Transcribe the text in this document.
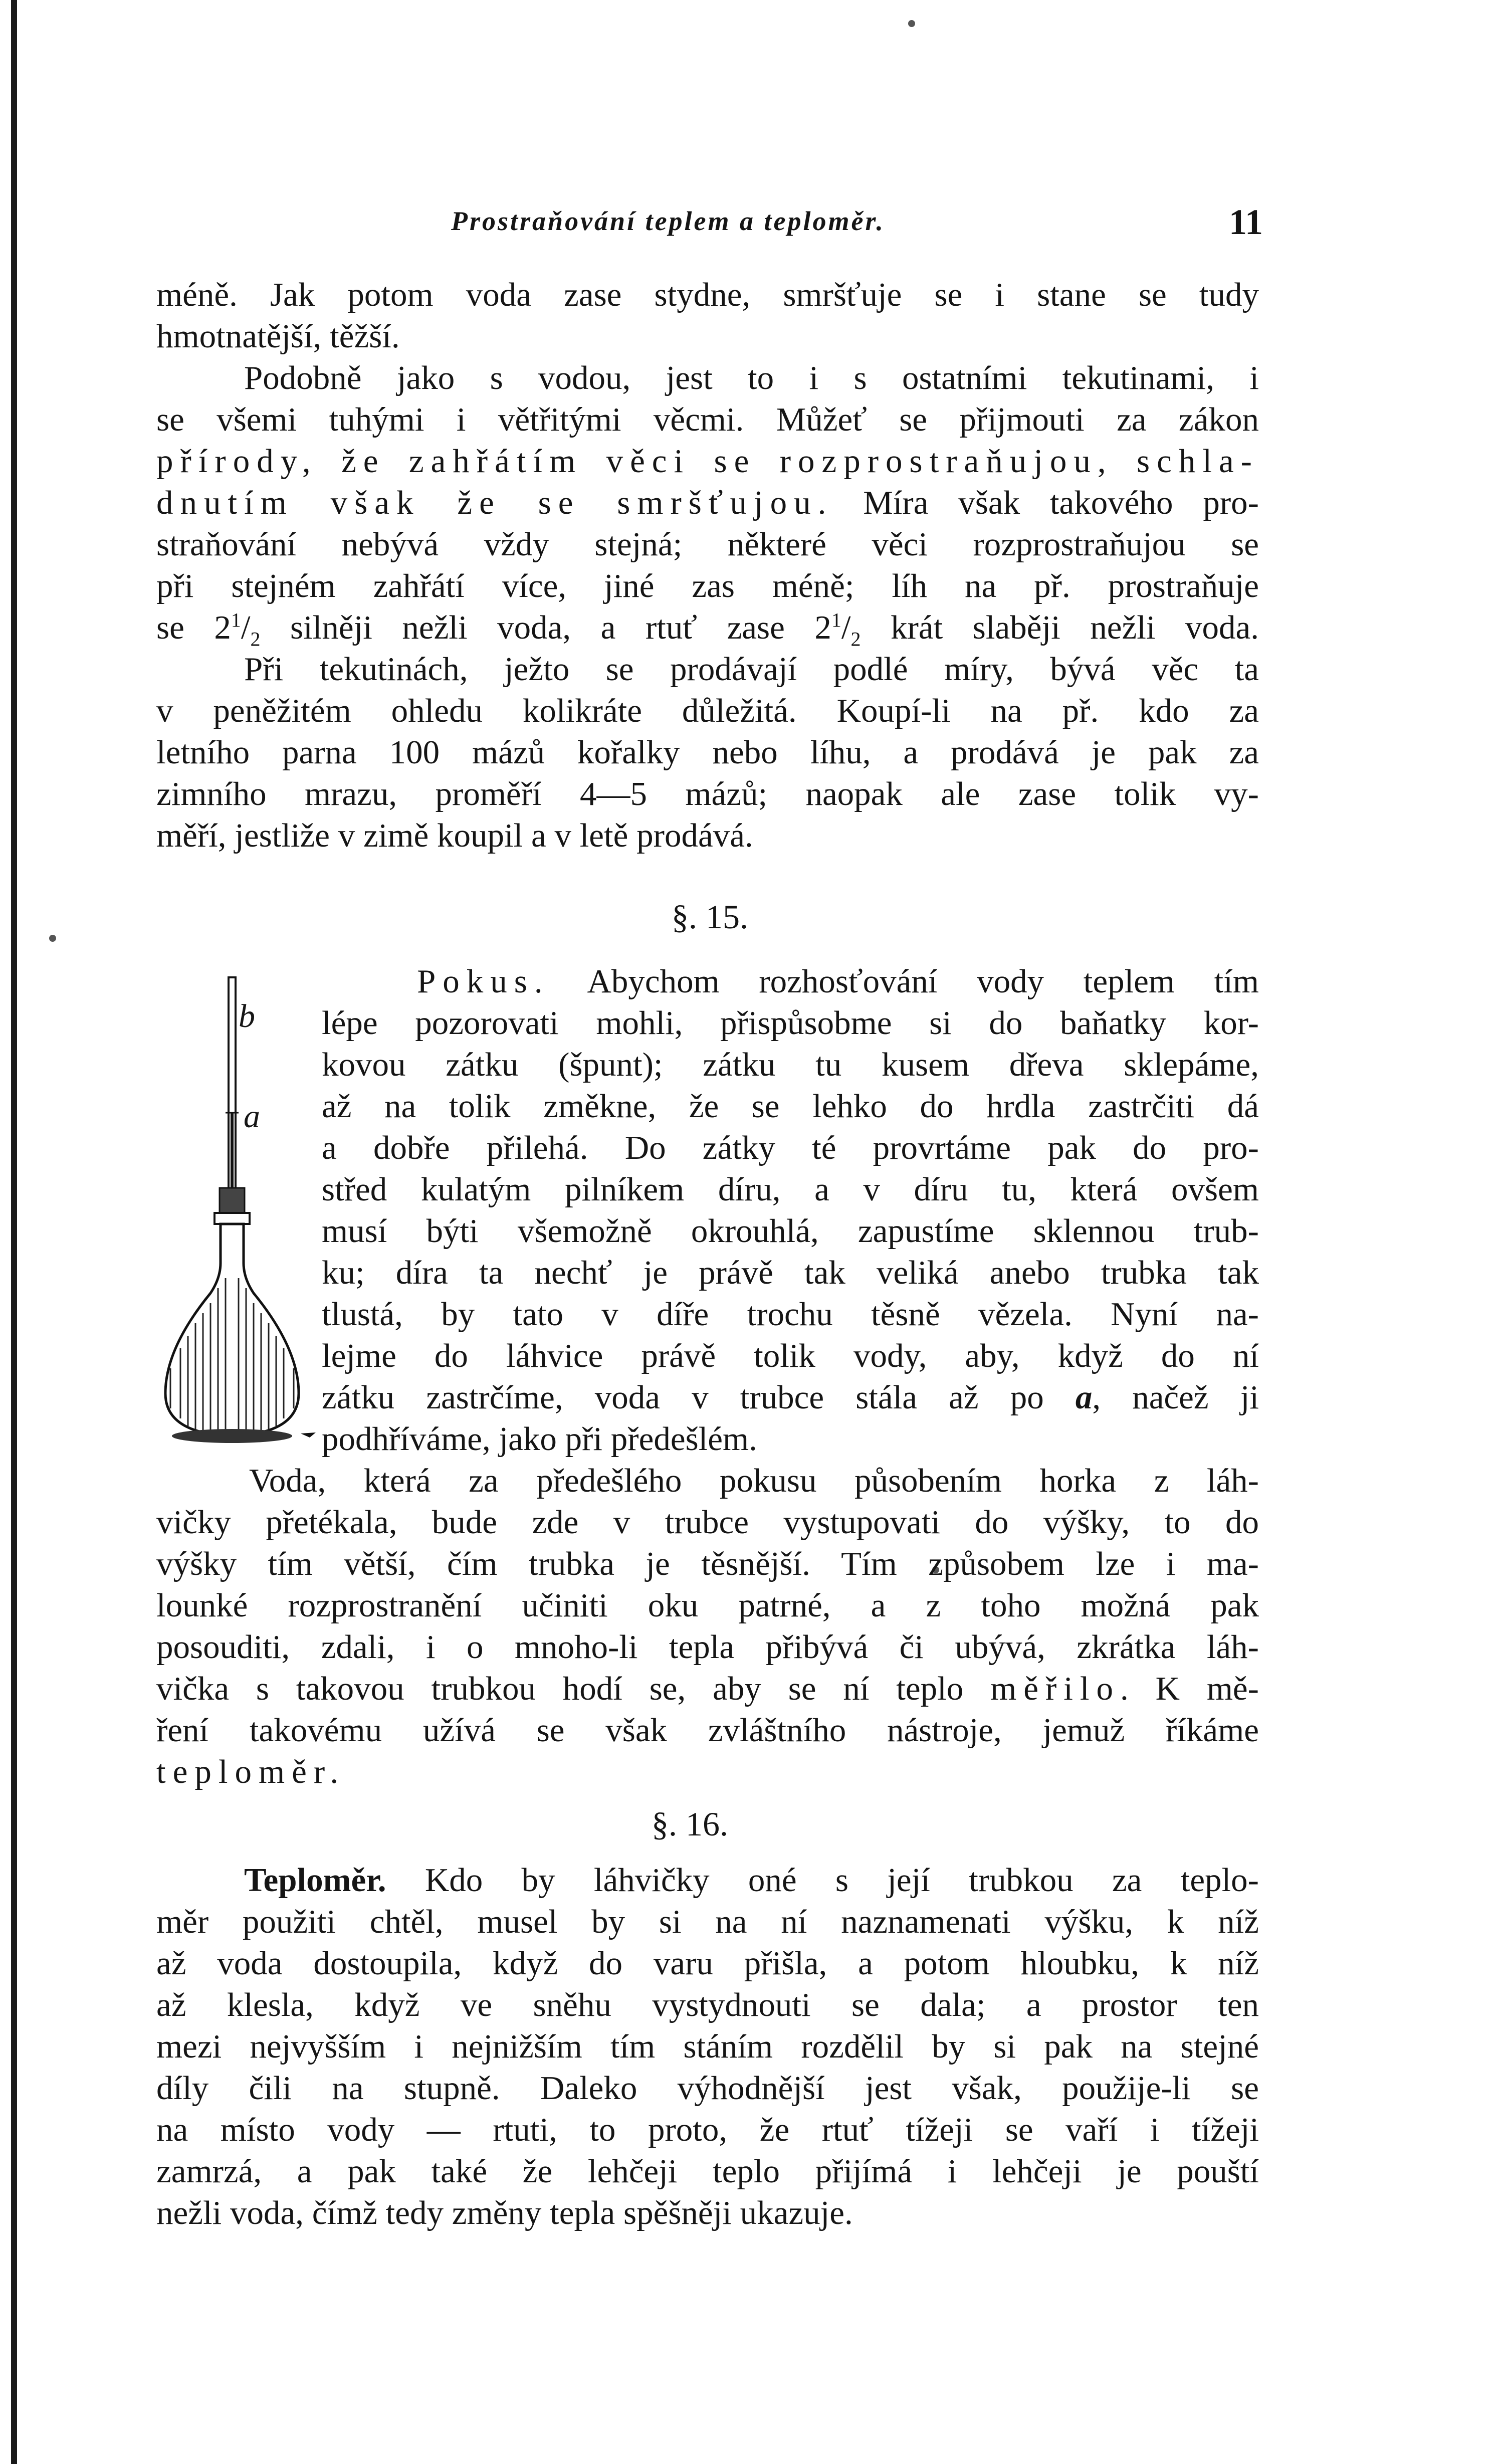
Prostraňování teplem a teploměr.	11
méně. Jak potom voda zase stydne, smršťuje se i stane se tudy
hmotnatější, těžší.
Podobně jako s vodou, jest to i s ostatními tekutinami, i
se všemi tuhými i větřitými věcmi. Můžeť se přijmouti za zákon
přírody, že zahřátím věci se rozprostraňujou, schla-
dnutím však že se smršťujou. Míra však takového pro-
straňování nebývá vždy stejná; některé věci rozprostraňujou se
při stejném zahřátí více, jiné zas méně; líh na př. prostraňuje
se $2^1/_2$ silněji nežli voda, a rtuť zase $2^1/_2$ krát slaběji nežli voda.
Při tekutinách, ježto se prodávají podlé míry, bývá věc ta
v peněžitém ohledu kolikráte důležitá. Koupí-li na př. kdo za
letního parna 100 mázů kořalky nebo líhu, a prodává je pak za
zimního mrazu, proměří 4—5 mázů; naopak ale zase tolik vy-
měří, jestliže v zimě koupil a v letě prodává.
§. 15.
Pokus. Abychom rozhosťování vody teplem tím
lépe pozorovati mohli, přispůsobme si do baňatky kor-
kovou zátku (špunt); zátku tu kusem dřeva sklepáme,
až na tolik změkne, že se lehko do hrdla zastrčiti dá
a dobře přilehá. Do zátky té provrtáme pak do pro-
střed kulatým pilníkem díru, a v díru tu, která ovšem
musí býti všemožně okrouhlá, zapustíme sklennou trub-
ku; díra ta nechť je právě tak veliká anebo trubka tak
tlustá, by tato v díře trochu těsně vězela. Nyní na-
lejme do láhvice právě tolik vody, aby, když do ní
zátku zastrčíme, voda v trubce stála až po a, načež ji
podhříváme, jako při předešlém.
Voda, která za předešlého pokusu působením horka z láh-
vičky přetékala, bude zde v trubce vystupovati do výšky, to do
výšky tím větší, čím trubka je těsnější. Tím způsobem lze i ma-
lounké rozprostranění učiniti oku patrné, a z toho možná pak
posouditi, zdali, i o mnoho-li tepla přibývá či ubývá, zkrátka láh-
vička s takovou trubkou hodí se, aby se ní teplo měřilo. K mě-
ření takovému užívá se však zvláštního nástroje, jemuž říkáme
teploměr.
b
a
§. 16.
Teploměr. Kdo by láhvičky oné s její trubkou za teplo-
měr použiti chtěl, musel by si na ní naznamenati výšku, k níž
až voda dostoupila, když do varu přišla, a potom hloubku, k níž
až klesla, když ve sněhu vystydnouti se dala; a prostor ten
mezi nejvyšším i nejnižším tím stáním rozdělil by si pak na stejné
díly čili na stupně. Daleko výhodnější jest však, použije-li se
na místo vody — rtuti, to proto, že rtuť tížeji se vaří i tížeji
zamrzá, a pak také že lehčeji teplo přijímá i lehčeji je pouští
nežli voda, čímž tedy změny tepla spěšněji ukazuje.
